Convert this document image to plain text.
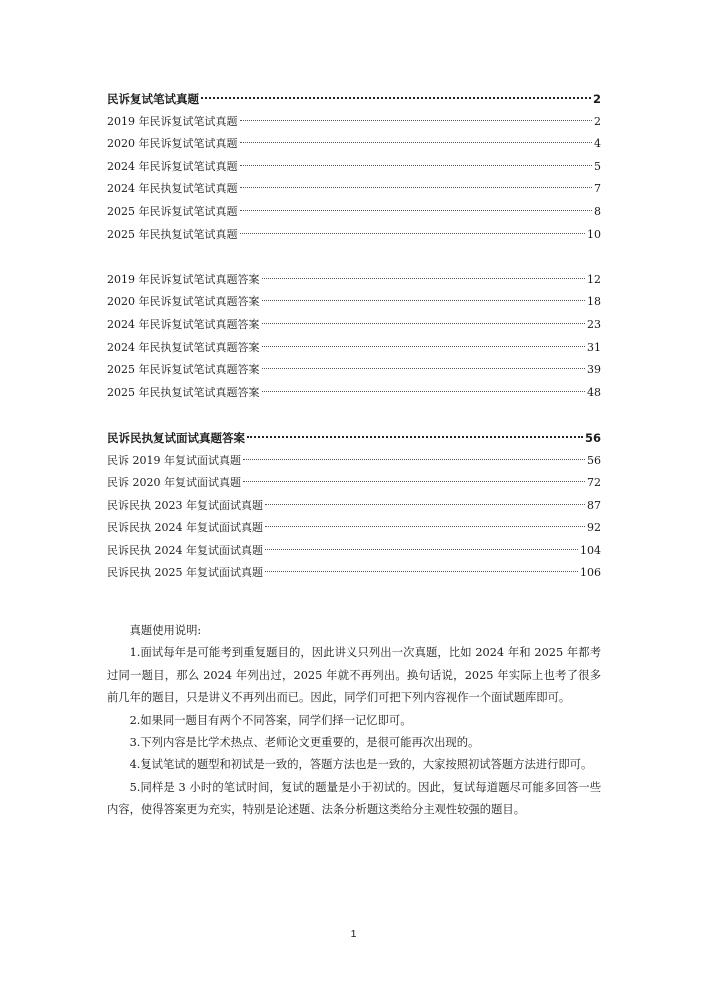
民诉复试笔试真题	2
2019 年民诉复试笔试真题	2
2020 年民诉复试笔试真题	4
2024 年民诉复试笔试真题	5
2024 年民执复试笔试真题	7
2025 年民诉复试笔试真题	8
2025 年民执复试笔试真题	10
2019 年民诉复试笔试真题答案	12
2020 年民诉复试笔试真题答案	18
2024 年民诉复试笔试真题答案	23
2024 年民执复试笔试真题答案	31
2025 年民诉复试笔试真题答案	39
2025 年民执复试笔试真题答案	48
民诉民执复试面试真题答案	56
民诉 2019 年复试面试真题	56
民诉 2020 年复试面试真题	72
民诉民执 2023 年复试面试真题	87
民诉民执 2024 年复试面试真题	92
民诉民执 2024 年复试面试真题	104
民诉民执 2025 年复试面试真题	106

真题使用说明:

1.面试每年是可能考到重复题目的，因此讲义只列出一次真题，比如 2024 年和 2025 年都考过同一题目，那么 2024 年列出过，2025 年就不再列出。换句话说，2025 年实际上也考了很多前几年的题目，只是讲义不再列出而已。因此，同学们可把下列内容视作一个面试题库即可。

2.如果同一题目有两个不同答案，同学们择一记忆即可。

3.下列内容是比学术热点、老师论文更重要的，是很可能再次出现的。

4.复试笔试的题型和初试是一致的，答题方法也是一致的，大家按照初试答题方法进行即可。

5.同样是 3 小时的笔试时间，复试的题量是小于初试的。因此，复试每道题尽可能多回答一些内容，使得答案更为充实，特别是论述题、法条分析题这类给分主观性较强的题目。

1
